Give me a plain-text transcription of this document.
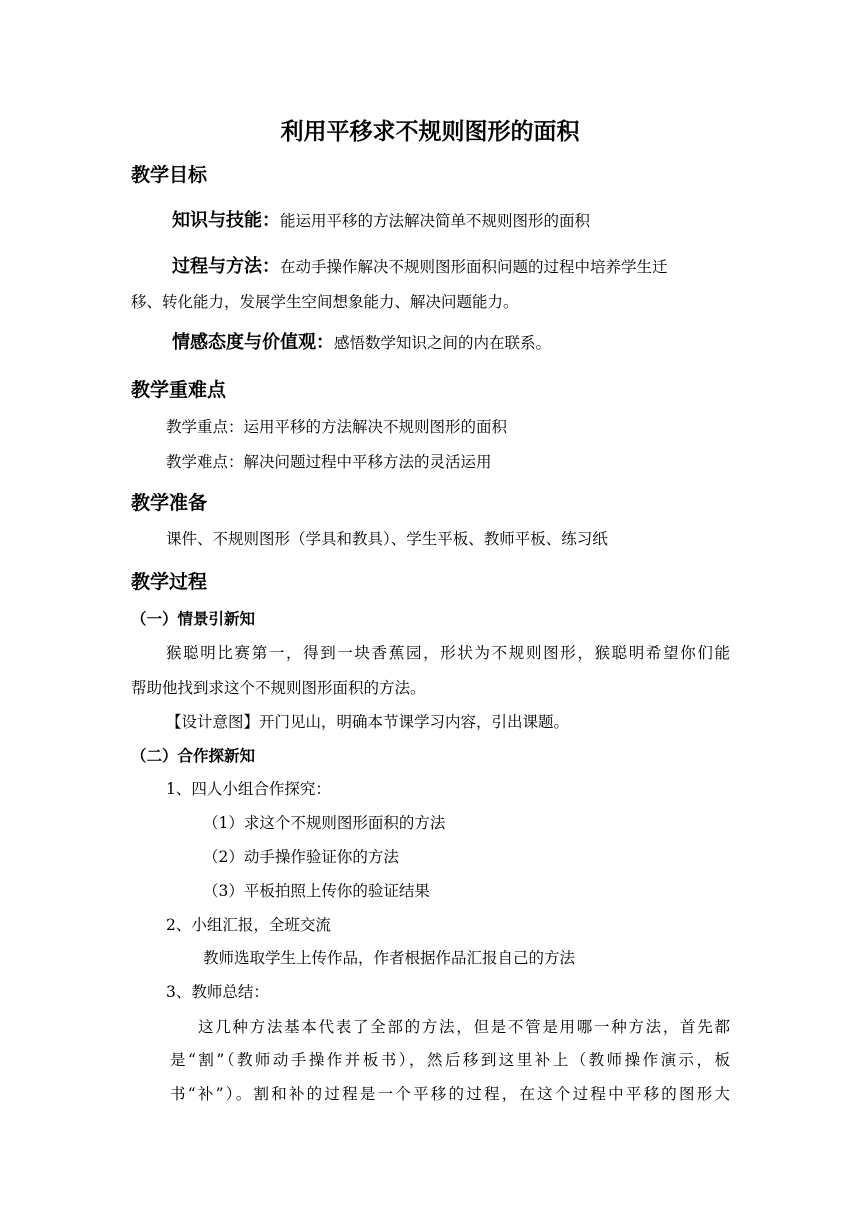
利用平移求不规则图形的面积
教学目标
知识与技能：能运用平移的方法解决简单不规则图形的面积
过程与方法：在动手操作解决不规则图形面积问题的过程中培养学生迁
移、转化能力，发展学生空间想象能力、解决问题能力。
情感态度与价值观：感悟数学知识之间的内在联系。
教学重难点
教学重点：运用平移的方法解决不规则图形的面积
教学难点：解决问题过程中平移方法的灵活运用
教学准备
课件、不规则图形（学具和教具）、学生平板、教师平板、练习纸
教学过程
（一）情景引新知
猴聪明比赛第一，得到一块香蕉园，形状为不规则图形，猴聪明希望你们能
帮助他找到求这个不规则图形面积的方法。
【设计意图】开门见山，明确本节课学习内容，引出课题。
（二）合作探新知
1、四人小组合作探究：
（1）求这个不规则图形面积的方法
（2）动手操作验证你的方法
（3）平板拍照上传你的验证结果
2、小组汇报，全班交流
教师选取学生上传作品，作者根据作品汇报自己的方法
3、教师总结：
这几种方法基本代表了全部的方法，但是不管是用哪一种方法，首先都
是“割”（教师动手操作并板书），然后移到这里补上（教师操作演示，板
书“补”）。割和补的过程是一个平移的过程，在这个过程中平移的图形大
